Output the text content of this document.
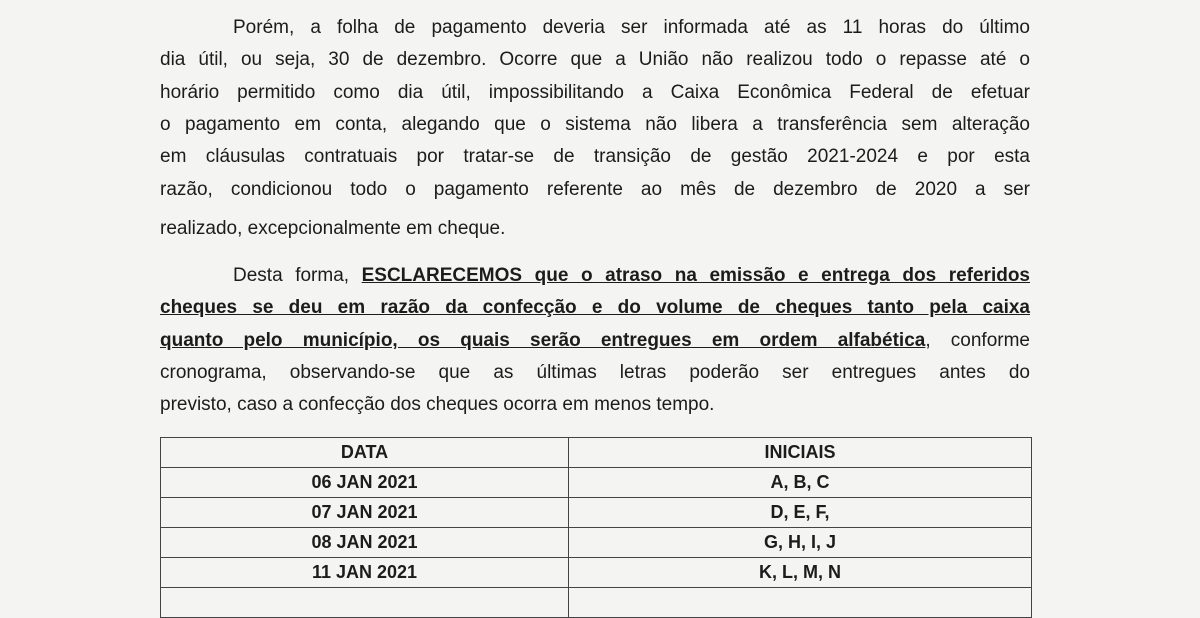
Porém, a folha de pagamento deveria ser informada até as 11 horas do último
dia útil, ou seja, 30 de dezembro. Ocorre que a União não realizou todo o repasse até o
horário permitido como dia útil, impossibilitando a Caixa Econômica Federal de efetuar
o pagamento em conta, alegando que o sistema não libera a transferência sem alteração
em cláusulas contratuais por tratar-se de transição de gestão 2021-2024 e por esta
razão, condicionou todo o pagamento referente ao mês de dezembro de 2020 a ser
realizado, excepcionalmente em cheque.
Desta forma, ESCLARECEMOS que o atraso na emissão e entrega dos referidos
cheques se deu em razão da confecção e do volume de cheques tanto pela caixa
quanto pelo município, os quais serão entregues em ordem alfabética, conforme
cronograma, observando-se que as últimas letras poderão ser entregues antes do
previsto, caso a confecção dos cheques ocorra em menos tempo.
DATA	INICIAIS
06 JAN 2021	A, B, C
07 JAN 2021	D, E, F,
08 JAN 2021	G, H, I, J
11 JAN 2021	K, L, M, N
